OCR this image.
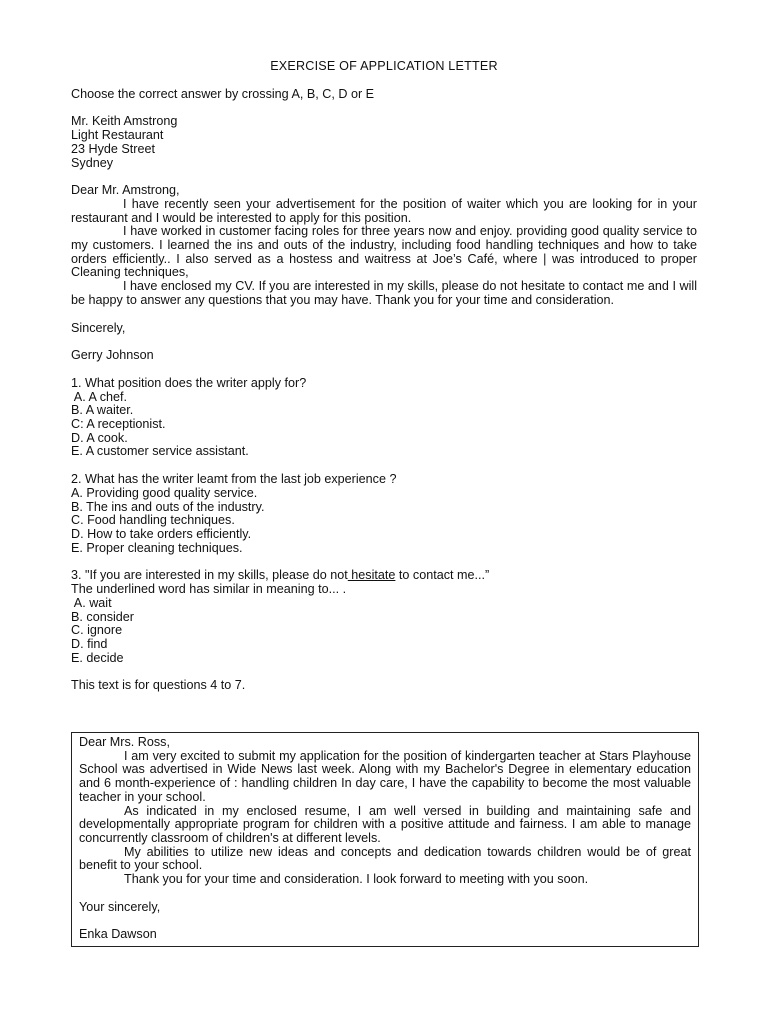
EXERCISE OF APPLICATION LETTER

Choose the correct answer by crossing A, B, C, D or E

Mr. Keith Amstrong
Light Restaurant
23 Hyde Street
Sydney
Dear Mr. Amstrong,

I have recently seen your advertisement for the position of waiter which you are looking for in your restaurant and I would be interested to apply for this position.

I have worked in customer facing roles for three years now and enjoy. providing good quality service to my customers. I learned the ins and outs of the industry, including food handling techniques and how to take orders efficiently.. I also served as a hostess and waitress at Joe’s Café, where | was introduced to proper Cleaning techniques,

I have enclosed my CV. If you are interested in my skills, please do not hesitate to contact me and I will be happy to answer any questions that you may have. Thank you for your time and consideration.

Sincerely,

Gerry Johnson

1. What position does the writer apply for?
A. A chef.
B. A waiter.
C: A receptionist.
D. A cook.
E. A customer service assistant.
2. What has the writer leamt from the last job experience ?
A. Providing good quality service.
B. The ins and outs of the industry.
C. Food handling techniques.
D. How to take orders efficiently.
E. Proper cleaning techniques.
3. "If you are interested in my skills, please do not hesitate to contact me...”
The underlined word has similar in meaning to... .
A. wait
B. consider
C. ignore
D. find
E. decide

This text is for questions 4 to 7.

Dear Mrs. Ross,

I am very excited to submit my application for the position of kindergarten teacher at Stars Playhouse School was advertised in Wide News last week. Along with my Bachelor's Degree in elementary education and 6 month-experience of : handling children In day care, I have the capability to become the most valuable teacher in your school.

As indicated in my enclosed resume, I am well versed in building and maintaining safe and developmentally appropriate program for children with a positive attitude and fairness. I am able to manage concurrently classroom of children's at different levels.

My abilities to utilize new ideas and concepts and dedication towards children would be of great benefit to your school.

Thank you for your time and consideration. I look forward to meeting with you soon.

Your sincerely,

Enka Dawson
